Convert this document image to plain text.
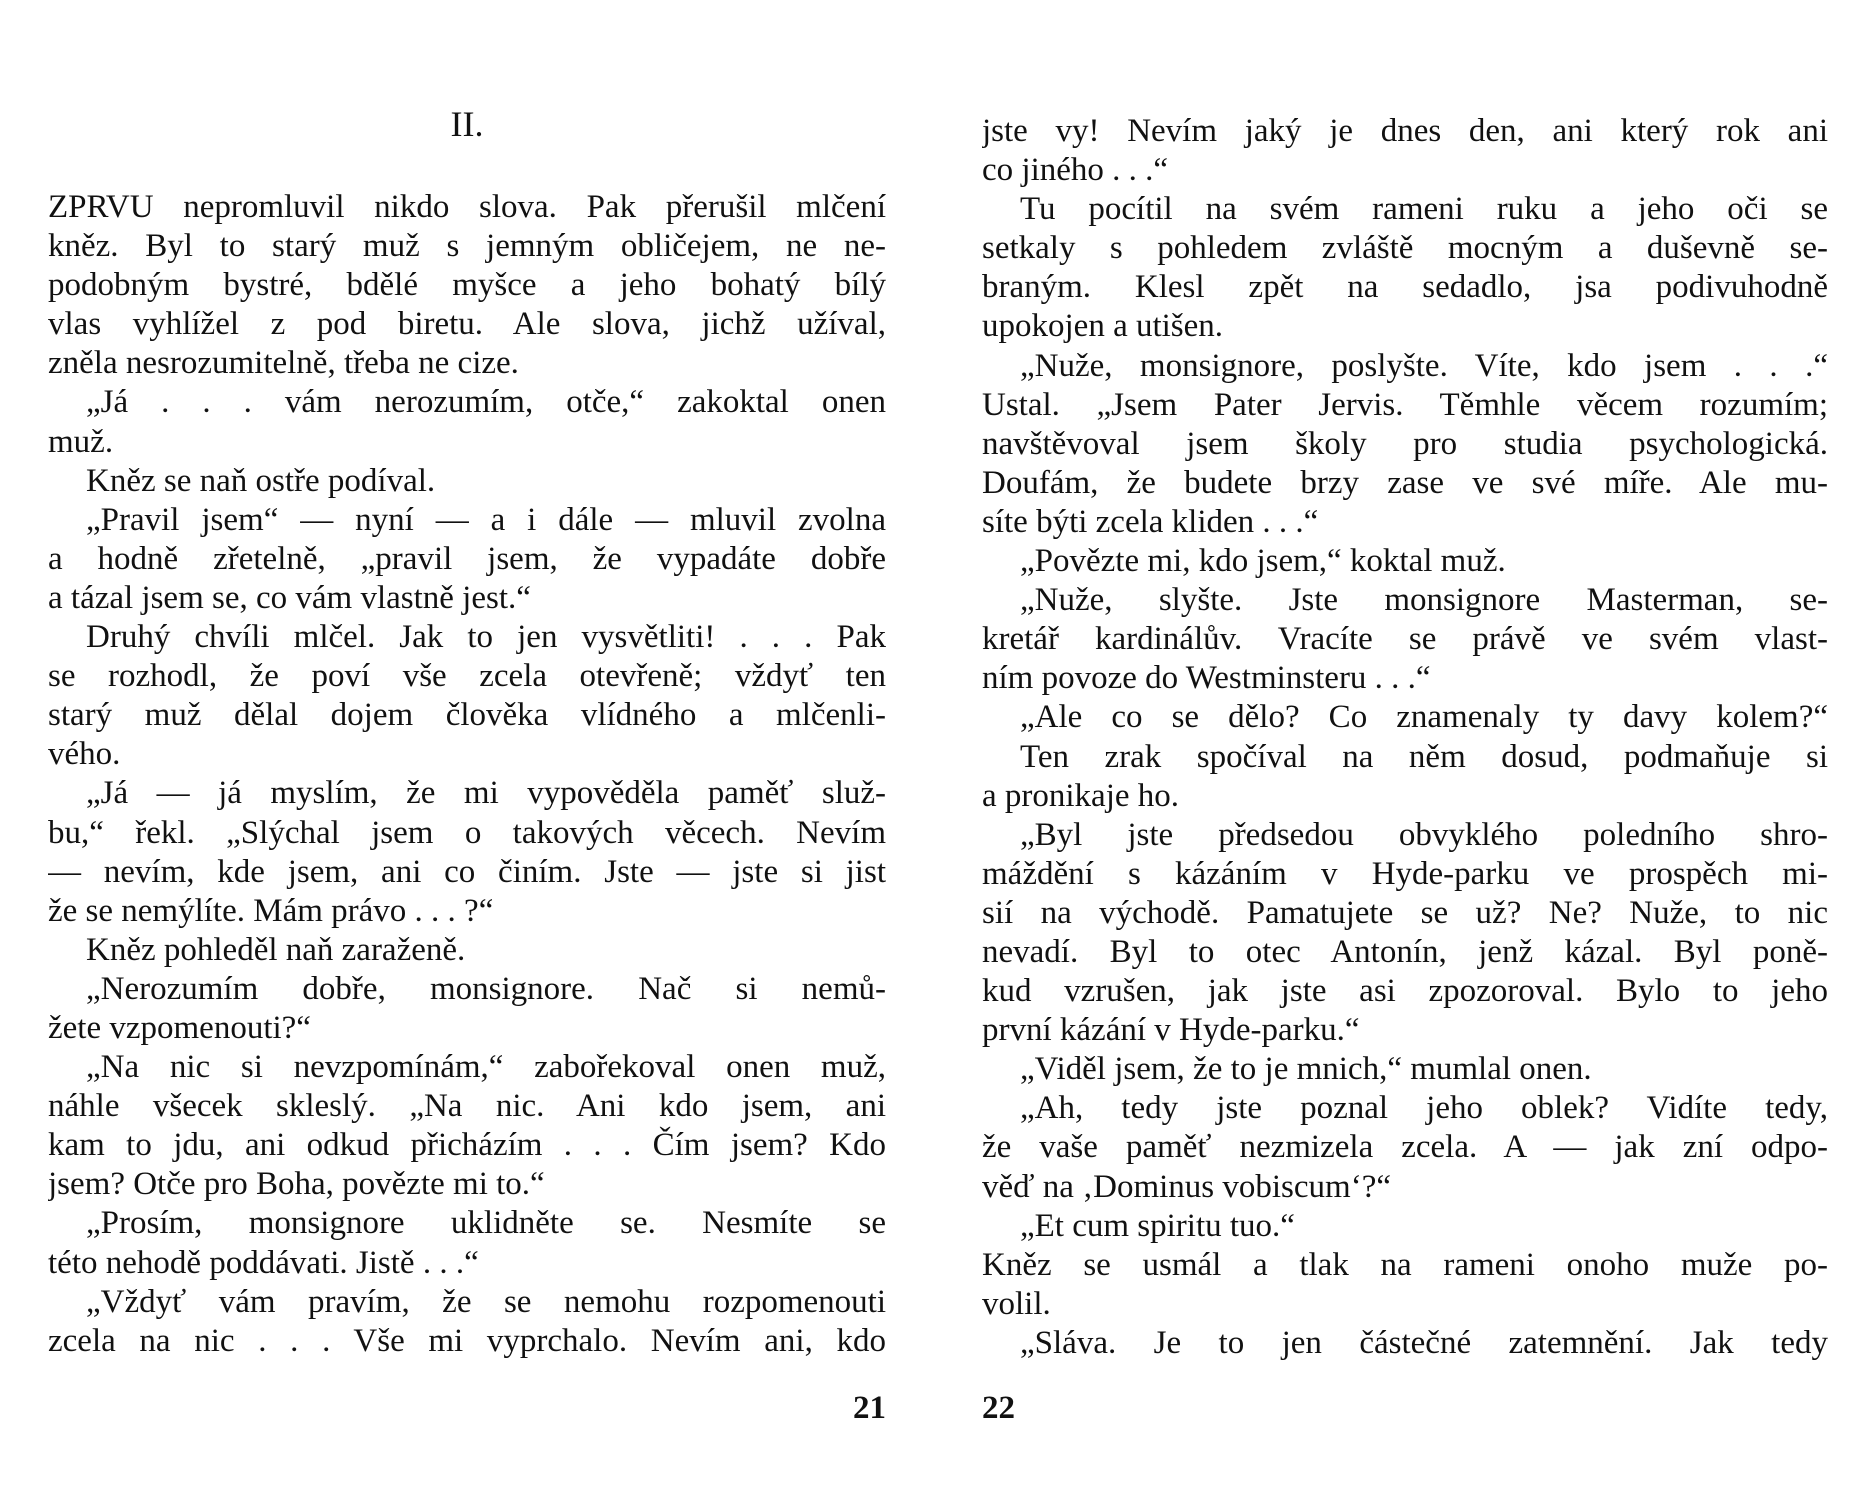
II.
ZPRVU nepromluvil nikdo slova. Pak přerušil mlčení
kněz. Byl to starý muž s jemným obličejem, ne ne-
podobným bystré, bdělé myšce a jeho bohatý bílý
vlas vyhlížel z pod biretu. Ale slova, jichž užíval,
zněla nesrozumitelně, třeba ne cize.
„Já . . . vám nerozumím, otče,“ zakoktal onen
muž.
Kněz se naň ostře podíval.
„Pravil jsem“ — nyní — a i dále — mluvil zvolna
a hodně zřetelně, „pravil jsem, že vypadáte dobře
a tázal jsem se, co vám vlastně jest.“
Druhý chvíli mlčel. Jak to jen vysvětliti! . . . Pak
se rozhodl, že poví vše zcela otevřeně; vždyť ten
starý muž dělal dojem člověka vlídného a mlčenli-
vého.
„Já — já myslím, že mi vypověděla paměť služ-
bu,“ řekl. „Slýchal jsem o takových věcech. Nevím
— nevím, kde jsem, ani co činím. Jste — jste si jist
že se nemýlíte. Mám právo . . . ?“
Kněz pohleděl naň zaraženě.
„Nerozumím dobře, monsignore. Nač si nemů-
žete vzpomenouti?“
„Na nic si nevzpomínám,“ zabořekoval onen muž,
náhle všecek skleslý. „Na nic. Ani kdo jsem, ani
kam to jdu, ani odkud přicházím . . . Čím jsem? Kdo
jsem? Otče pro Boha, povězte mi to.“
„Prosím, monsignore uklidněte se. Nesmíte se
této nehodě poddávati. Jistě . . .“
„Vždyť vám pravím, že se nemohu rozpomenouti
zcela na nic . . . Vše mi vyprchalo. Nevím ani, kdo
21
jste vy! Nevím jaký je dnes den, ani který rok ani
co jiného . . .“
Tu pocítil na svém rameni ruku a jeho oči se
setkaly s pohledem zvláště mocným a duševně se-
braným. Klesl zpět na sedadlo, jsa podivuhodně
upokojen a utišen.
„Nuže, monsignore, poslyšte. Víte, kdo jsem . . .“
Ustal. „Jsem Pater Jervis. Těmhle věcem rozumím;
navštěvoval jsem školy pro studia psychologická.
Doufám, že budete brzy zase ve své míře. Ale mu-
síte býti zcela kliden . . .“
„Povězte mi, kdo jsem,“ koktal muž.
„Nuže, slyšte. Jste monsignore Masterman, se-
kretář kardinálův. Vracíte se právě ve svém vlast-
ním povoze do Westminsteru . . .“
„Ale co se dělo? Co znamenaly ty davy kolem?“
Ten zrak spočíval na něm dosud, podmaňuje si
a pronikaje ho.
„Byl jste předsedou obvyklého poledního shro-
máždění s kázáním v Hyde-parku ve prospěch mi-
sií na východě. Pamatujete se už? Ne? Nuže, to nic
nevadí. Byl to otec Antonín, jenž kázal. Byl poně-
kud vzrušen, jak jste asi zpozoroval. Bylo to jeho
první kázání v Hyde-parku.“
„Viděl jsem, že to je mnich,“ mumlal onen.
„Ah, tedy jste poznal jeho oblek? Vidíte tedy,
že vaše paměť nezmizela zcela. A — jak zní odpo-
věď na ‚Dominus vobiscum‘?“
„Et cum spiritu tuo.“
Kněz se usmál a tlak na rameni onoho muže po-
volil.
„Sláva. Je to jen částečné zatemnění. Jak tedy
22
